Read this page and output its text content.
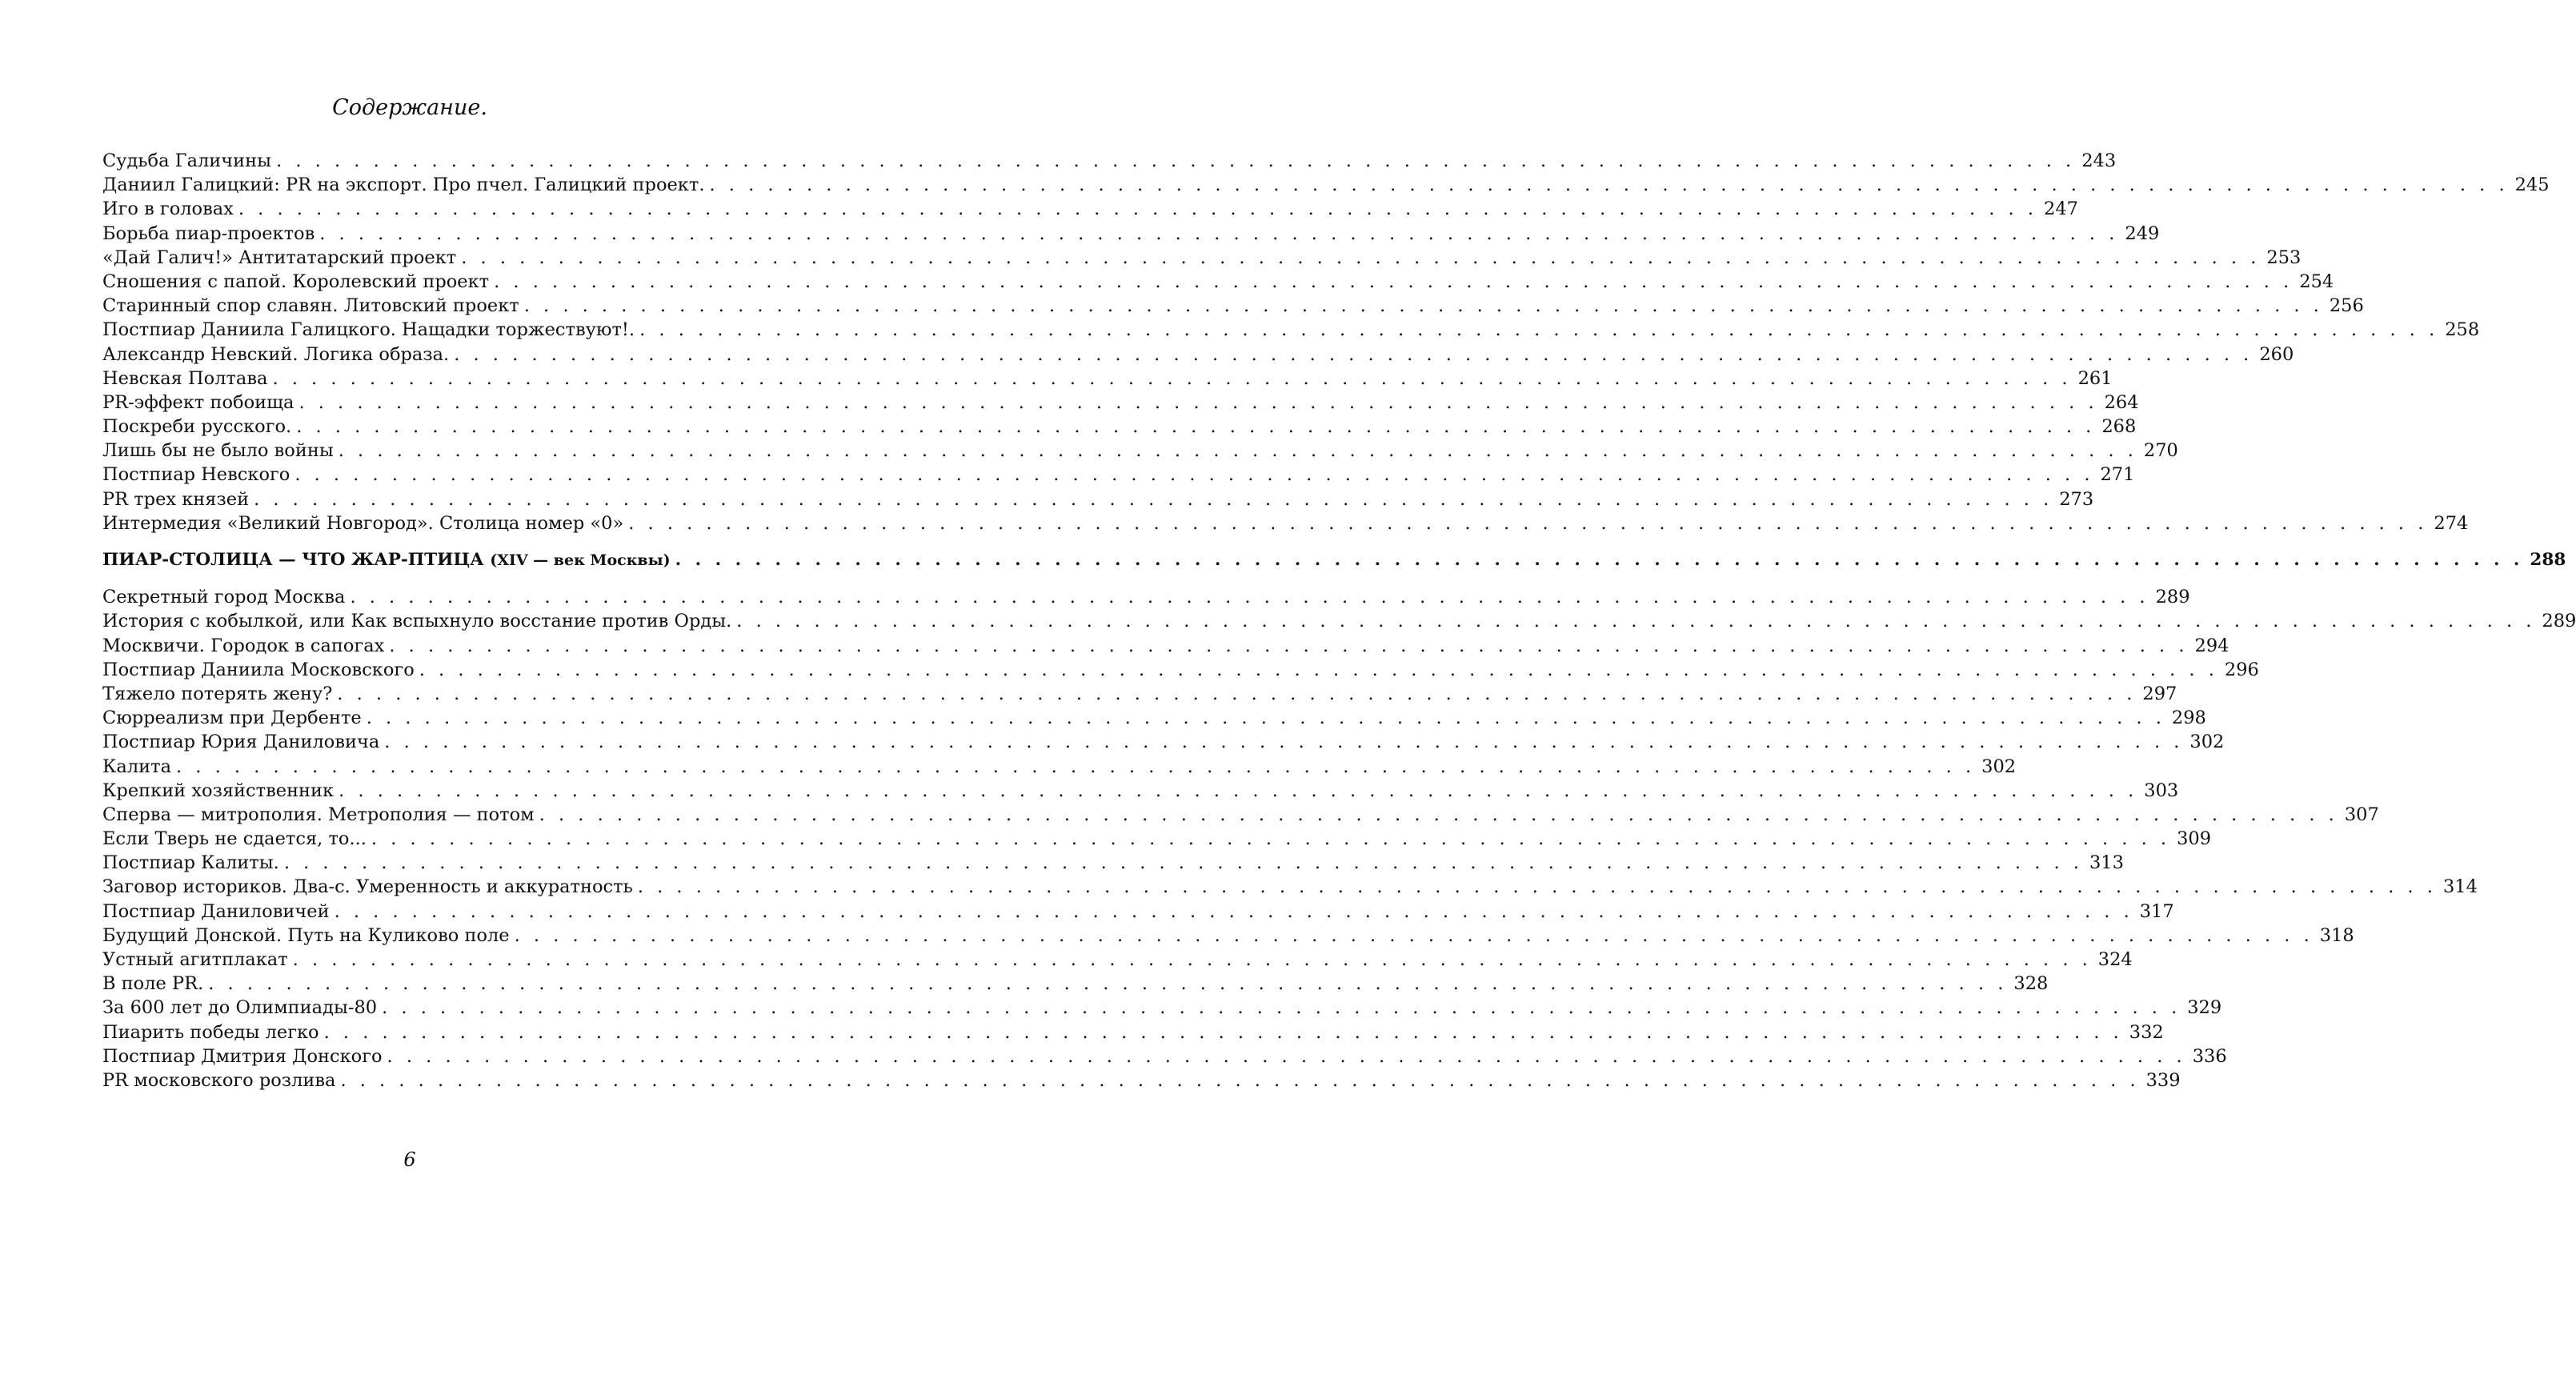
Содержание.
Судьба Галичины . . .	243
Даниил Галицкий: PR на экспорт. Про пчел. Галицкий проект. . . .	245
Иго в головах . . .	247
Борьба пиар-проектов . . .	249
«Дай Галич!» Антитатарский проект . . .	253
Сношения с папой. Королевский проект . . .	254
Старинный спор славян. Литовский проект . . .	256
Постпиар Даниила Галицкого. Нащадки торжествуют!. . . .	258
Александр Невский. Логика образа. . . .	260
Невская Полтава . . .	261
PR-эффект побоища . . .	264
Поскреби русского. . . .	268
Лишь бы не было войны . . .	270
Постпиар Невского . . .	271
PR трех князей . . .	273
Интермедия «Великий Новгород». Столица номер «0» . . .	274
ПИАР-СТОЛИЦА — ЧТО ЖАР-ПТИЦА (XIV — век Москвы) . . .	288
Секретный город Москва . . .	289
История с кобылкой, или Как вспыхнуло восстание против Орды. . . .	289
Москвичи. Городок в сапогах . . .	294
Постпиар Даниила Московского . . .	296
Тяжело потерять жену? . . .	297
Сюрреализм при Дербенте . . .	298
Постпиар Юрия Даниловича . . .	302
Калита . . .	302
Крепкий хозяйственник . . .	303
Сперва — митрополия. Метрополия — потом . . .	307
Если Тверь не сдается, то... . . .	309
Постпиар Калиты. . . .	313
Заговор историков. Два-с. Умеренность и аккуратность . . .	314
Постпиар Даниловичей . . .	317
Будущий Донской. Путь на Куликово поле . . .	318
Устный агитплакат . . .	324
В поле PR. . . .	328
За 600 лет до Олимпиады-80 . . .	329
Пиарить победы легко . . .	332
Постпиар Дмитрия Донского . . .	336
PR московского розлива . . .	339
6
